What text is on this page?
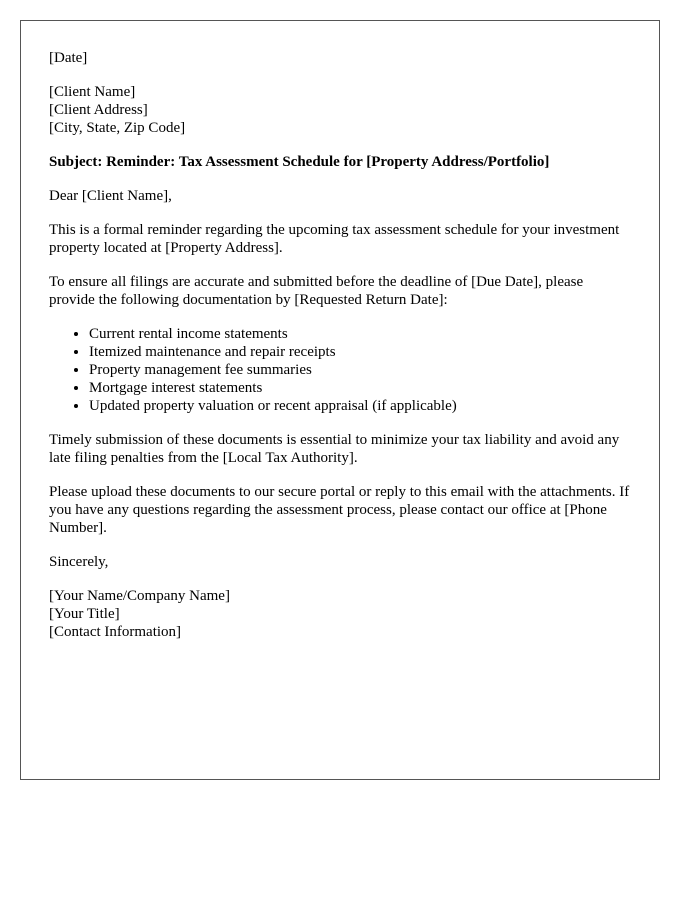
[Date]
[Client Name]
[Client Address]
[City, State, Zip Code]

Subject: Reminder: Tax Assessment Schedule for [Property Address/Portfolio]

Dear [Client Name],

This is a formal reminder regarding the upcoming tax assessment schedule for your investment property located at [Property Address].

To ensure all filings are accurate and submitted before the deadline of [Due Date], please provide the following documentation by [Requested Return Date]:

• Current rental income statements
• Itemized maintenance and repair receipts
• Property management fee summaries
• Mortgage interest statements
• Updated property valuation or recent appraisal (if applicable)

Timely submission of these documents is essential to minimize your tax liability and avoid any late filing penalties from the [Local Tax Authority].

Please upload these documents to our secure portal or reply to this email with the attachments. If you have any questions regarding the assessment process, please contact our office at [Phone Number].

Sincerely,

[Your Name/Company Name]
[Your Title]
[Contact Information]
